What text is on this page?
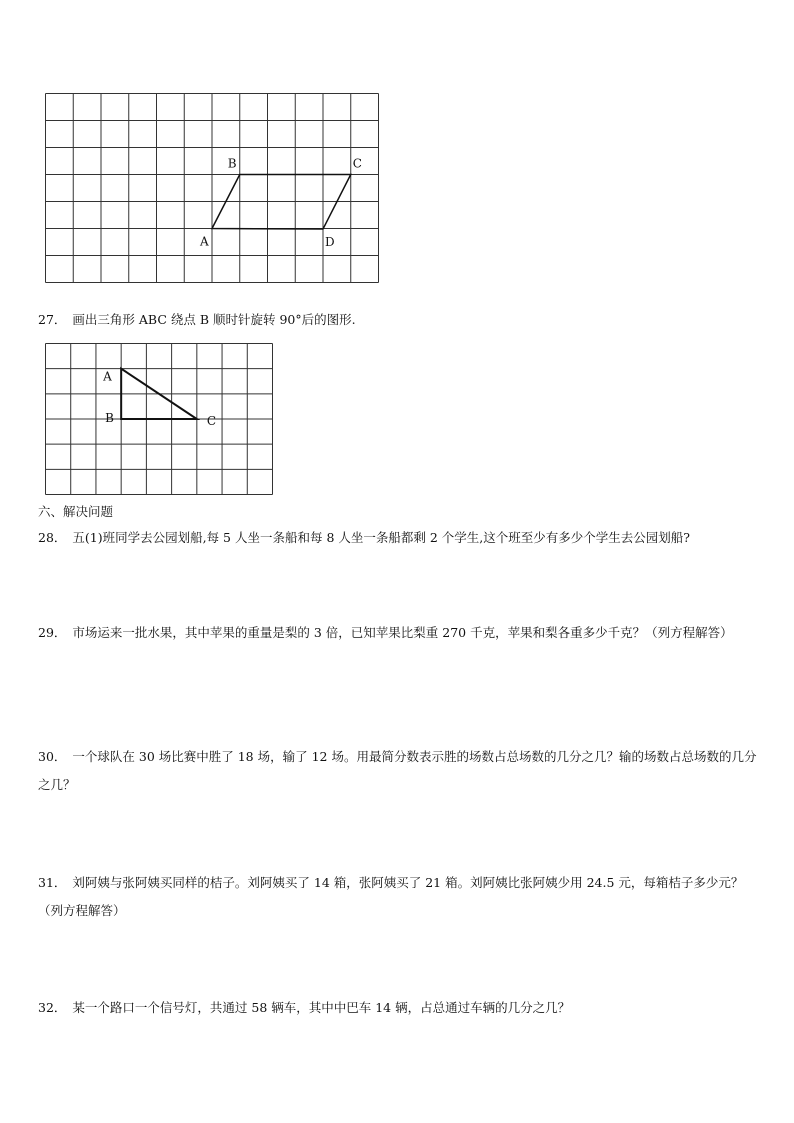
B	C
A	D

27． 画出三角形 ABC 绕点 B 顺时针旋转 90°后的图形.

A
B	C
六、解决问题

28． 五(1)班同学去公园划船,每 5 人坐一条船和每 8 人坐一条船都剩 2 个学生,这个班至少有多少个学生去公园划船?

29． 市场运来一批水果，其中苹果的重量是梨的 3 倍，已知苹果比梨重 270 千克，苹果和梨各重多少千克？（列方程解答）

30． 一个球队在 30 场比赛中胜了 18 场，输了 12 场。用最简分数表示胜的场数占总场数的几分之几？输的场数占总场数的几分之几？

31． 刘阿姨与张阿姨买同样的桔子。刘阿姨买了 14 箱，张阿姨买了 21 箱。刘阿姨比张阿姨少用 24.5 元，每箱桔子多少元？（列方程解答）

32． 某一个路口一个信号灯，共通过 58 辆车，其中中巴车 14 辆，占总通过车辆的几分之几？
